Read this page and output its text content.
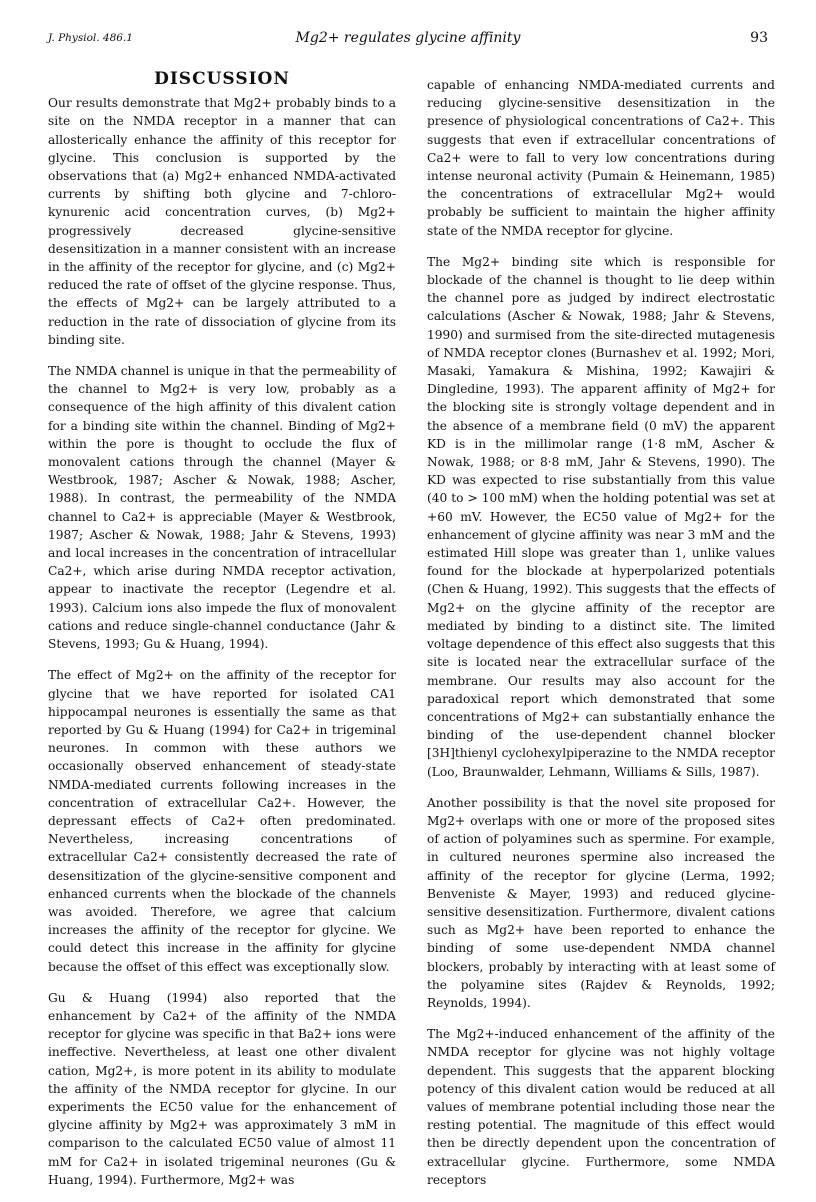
J. Physiol. 486.1	Mg2+ regulates glycine affinity	93
DISCUSSION

Our results demonstrate that Mg2+ probably binds to a site on the NMDA receptor in a manner that can allosterically enhance the affinity of this receptor for glycine. This conclusion is supported by the observations that (a) Mg2+ enhanced NMDA-activated currents by shifting both glycine and 7-chloro-kynurenic acid concentration curves, (b) Mg2+ progressively decreased glycine-sensitive desensitization in a manner consistent with an increase in the affinity of the receptor for glycine, and (c) Mg2+ reduced the rate of offset of the glycine response. Thus, the effects of Mg2+ can be largely attributed to a reduction in the rate of dissociation of glycine from its binding site.

The NMDA channel is unique in that the permeability of the channel to Mg2+ is very low, probably as a consequence of the high affinity of this divalent cation for a binding site within the channel. Binding of Mg2+ within the pore is thought to occlude the flux of monovalent cations through the channel (Mayer & Westbrook, 1987; Ascher & Nowak, 1988; Ascher, 1988). In contrast, the permeability of the NMDA channel to Ca2+ is appreciable (Mayer & Westbrook, 1987; Ascher & Nowak, 1988; Jahr & Stevens, 1993) and local increases in the concentration of intracellular Ca2+, which arise during NMDA receptor activation, appear to inactivate the receptor (Legendre et al. 1993). Calcium ions also impede the flux of monovalent cations and reduce single-channel conductance (Jahr & Stevens, 1993; Gu & Huang, 1994).

The effect of Mg2+ on the affinity of the receptor for glycine that we have reported for isolated CA1 hippocampal neurones is essentially the same as that reported by Gu & Huang (1994) for Ca2+ in trigeminal neurones. In common with these authors we occasionally observed enhancement of steady-state NMDA-mediated currents following increases in the concentration of extracellular Ca2+. However, the depressant effects of Ca2+ often predominated. Nevertheless, increasing concentrations of extracellular Ca2+ consistently decreased the rate of desensitization of the glycine-sensitive component and enhanced currents when the blockade of the channels was avoided. Therefore, we agree that calcium increases the affinity of the receptor for glycine. We could detect this increase in the affinity for glycine because the offset of this effect was exceptionally slow.

Gu & Huang (1994) also reported that the enhancement by Ca2+ of the affinity of the NMDA receptor for glycine was specific in that Ba2+ ions were ineffective. Nevertheless, at least one other divalent cation, Mg2+, is more potent in its ability to modulate the affinity of the NMDA receptor for glycine. In our experiments the EC50 value for the enhancement of glycine affinity by Mg2+ was approximately 3 mM in comparison to the calculated EC50 value of almost 11 mM for Ca2+ in isolated trigeminal neurones (Gu & Huang, 1994). Furthermore, Mg2+ was

capable of enhancing NMDA-mediated currents and reducing glycine-sensitive desensitization in the presence of physiological concentrations of Ca2+. This suggests that even if extracellular concentrations of Ca2+ were to fall to very low concentrations during intense neuronal activity (Pumain & Heinemann, 1985) the concentrations of extracellular Mg2+ would probably be sufficient to maintain the higher affinity state of the NMDA receptor for glycine.

The Mg2+ binding site which is responsible for blockade of the channel is thought to lie deep within the channel pore as judged by indirect electrostatic calculations (Ascher & Nowak, 1988; Jahr & Stevens, 1990) and surmised from the site-directed mutagenesis of NMDA receptor clones (Burnashev et al. 1992; Mori, Masaki, Yamakura & Mishina, 1992; Kawajiri & Dingledine, 1993). The apparent affinity of Mg2+ for the blocking site is strongly voltage dependent and in the absence of a membrane field (0 mV) the apparent KD is in the millimolar range (1·8 mM, Ascher & Nowak, 1988; or 8·8 mM, Jahr & Stevens, 1990). The KD was expected to rise substantially from this value (40 to > 100 mM) when the holding potential was set at +60 mV. However, the EC50 value of Mg2+ for the enhancement of glycine affinity was near 3 mM and the estimated Hill slope was greater than 1, unlike values found for the blockade at hyperpolarized potentials (Chen & Huang, 1992). This suggests that the effects of Mg2+ on the glycine affinity of the receptor are mediated by binding to a distinct site. The limited voltage dependence of this effect also suggests that this site is located near the extracellular surface of the membrane. Our results may also account for the paradoxical report which demonstrated that some concentrations of Mg2+ can substantially enhance the binding of the use-dependent channel blocker [3H]thienyl cyclohexylpiperazine to the NMDA receptor (Loo, Braunwalder, Lehmann, Williams & Sills, 1987).

Another possibility is that the novel site proposed for Mg2+ overlaps with one or more of the proposed sites of action of polyamines such as spermine. For example, in cultured neurones spermine also increased the affinity of the receptor for glycine (Lerma, 1992; Benveniste & Mayer, 1993) and reduced glycine-sensitive desensitization. Furthermore, divalent cations such as Mg2+ have been reported to enhance the binding of some use-dependent NMDA channel blockers, probably by interacting with at least some of the polyamine sites (Rajdev & Reynolds, 1992; Reynolds, 1994).

The Mg2+-induced enhancement of the affinity of the NMDA receptor for glycine was not highly voltage dependent. This suggests that the apparent blocking potency of this divalent cation would be reduced at all values of membrane potential including those near the resting potential. The magnitude of this effect would then be directly dependent upon the concentration of extracellular glycine. Furthermore, some NMDA receptors
